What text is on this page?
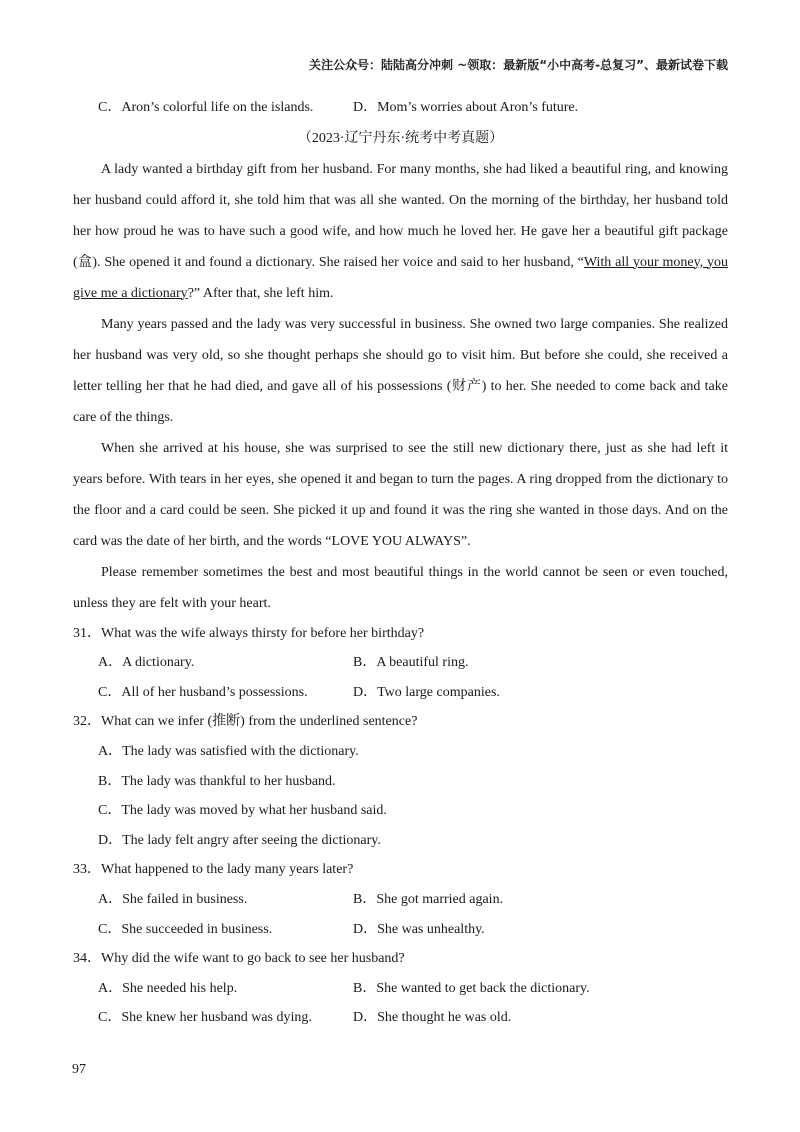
关注公众号：陆陆高分冲刺 ~领取：最新版“小中高考-总复习”、最新试卷下载
C．Aron’s colorful life on the islands.	D．Mom’s worries about Aron’s future.
（2023·辽宁丹东·统考中考真题）

A lady wanted a birthday gift from her husband. For many months, she had liked a beautiful ring, and knowing her husband could afford it, she told him that was all she wanted. On the morning of the birthday, her husband told her how proud he was to have such a good wife, and how much he loved her. He gave her a beautiful gift package (盒). She opened it and found a dictionary. She raised her voice and said to her husband, “With all your money, you give me a dictionary?” After that, she left him.

Many years passed and the lady was very successful in business. She owned two large companies. She realized her husband was very old, so she thought perhaps she should go to visit him. But before she could, she received a letter telling her that he had died, and gave all of his possessions (财产) to her. She needed to come back and take care of the things.

When she arrived at his house, she was surprised to see the still new dictionary there, just as she had left it years before. With tears in her eyes, she opened it and began to turn the pages. A ring dropped from the dictionary to the floor and a card could be seen. She picked it up and found it was the ring she wanted in those days. And on the card was the date of her birth, and the words “LOVE YOU ALWAYS”.

Please remember sometimes the best and most beautiful things in the world cannot be seen or even touched, unless they are felt with your heart.

31．What was the wife always thirsty for before her birthday?
A．A dictionary.	B．A beautiful ring.
C．All of her husband’s possessions.	D．Two large companies.
32．What can we infer (推断) from the underlined sentence?
A．The lady was satisfied with the dictionary.
B．The lady was thankful to her husband.
C．The lady was moved by what her husband said.
D．The lady felt angry after seeing the dictionary.
33．What happened to the lady many years later?
A．She failed in business.	B．She got married again.
C．She succeeded in business.	D．She was unhealthy.
34．Why did the wife want to go back to see her husband?
A．She needed his help.	B．She wanted to get back the dictionary.
C．She knew her husband was dying.	D．She thought he was old.
97
